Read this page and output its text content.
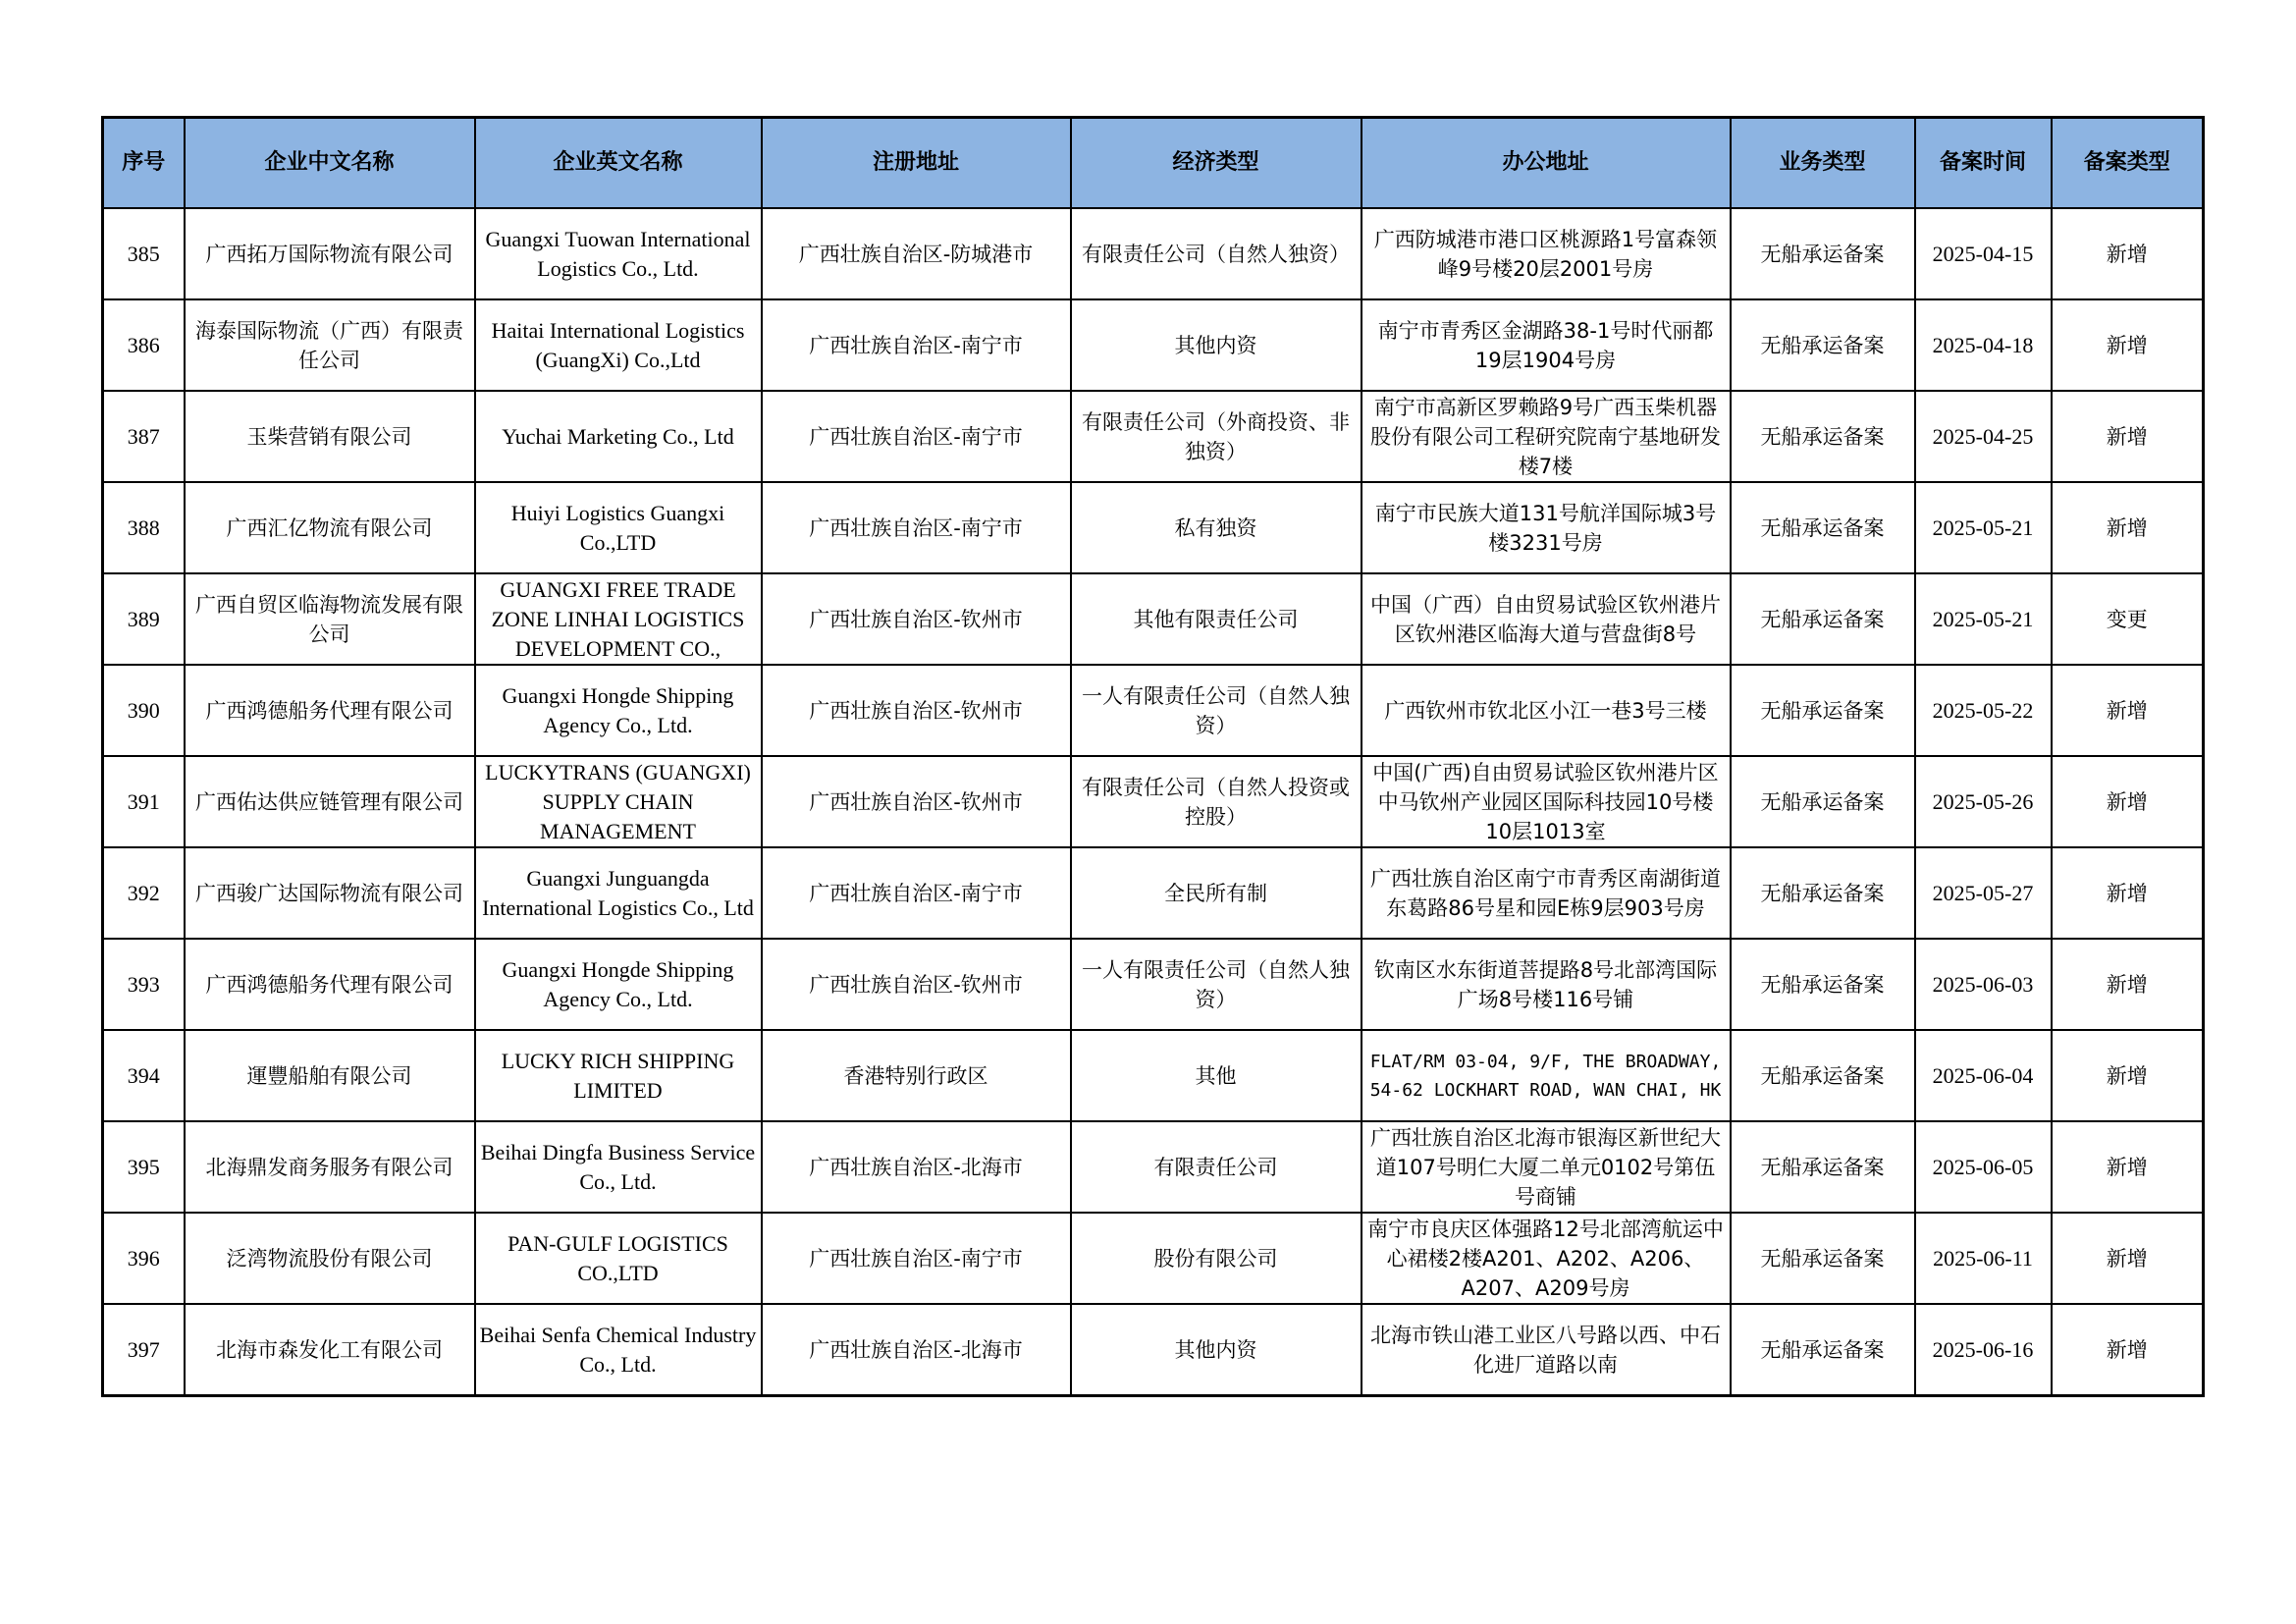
序号	企业中文名称	企业英文名称	注册地址	经济类型	办公地址	业务类型	备案时间	备案类型

385	广西拓万国际物流有限公司	Guangxi Tuowan International Logistics Co., Ltd.	广西壮族自治区-防城港市	有限责任公司（自然人独资）	广西防城港市港口区桃源路1号富森领峰9号楼20层2001号房	无船承运备案	2025-04-15	新增

386	海泰国际物流（广西）有限责任公司	Haitai International Logistics (GuangXi) Co.,Ltd	广西壮族自治区-南宁市	其他内资	南宁市青秀区金湖路38-1号时代丽都19层1904号房	无船承运备案	2025-04-18	新增

387	玉柴营销有限公司	Yuchai Marketing Co., Ltd	广西壮族自治区-南宁市	有限责任公司（外商投资、非独资）	南宁市高新区罗赖路9号广西玉柴机器股份有限公司工程研究院南宁基地研发楼7楼	无船承运备案	2025-04-25	新增

388	广西汇亿物流有限公司	Huiyi Logistics Guangxi Co.,LTD	广西壮族自治区-南宁市	私有独资	南宁市民族大道131号航洋国际城3号楼3231号房	无船承运备案	2025-05-21	新增

389	广西自贸区临海物流发展有限公司	GUANGXI FREE TRADE ZONE LINHAI LOGISTICS DEVELOPMENT CO.,	广西壮族自治区-钦州市	其他有限责任公司	中国（广西）自由贸易试验区钦州港片区钦州港区临海大道与营盘街8号	无船承运备案	2025-05-21	变更

390	广西鸿德船务代理有限公司	Guangxi Hongde Shipping Agency Co., Ltd.	广西壮族自治区-钦州市	一人有限责任公司（自然人独资）	广西钦州市钦北区小江一巷3号三楼	无船承运备案	2025-05-22	新增

391	广西佑达供应链管理有限公司	LUCKYTRANS (GUANGXI) SUPPLY CHAIN MANAGEMENT	广西壮族自治区-钦州市	有限责任公司（自然人投资或控股）	中国(广西)自由贸易试验区钦州港片区中马钦州产业园区国际科技园10号楼10层1013室	无船承运备案	2025-05-26	新增

392	广西骏广达国际物流有限公司	Guangxi Junguangda International Logistics Co., Ltd	广西壮族自治区-南宁市	全民所有制	广西壮族自治区南宁市青秀区南湖街道东葛路86号星和园E栋9层903号房	无船承运备案	2025-05-27	新增

393	广西鸿德船务代理有限公司	Guangxi Hongde Shipping Agency Co., Ltd.	广西壮族自治区-钦州市	一人有限责任公司（自然人独资）	钦南区水东街道菩提路8号北部湾国际广场8号楼116号铺	无船承运备案	2025-06-03	新增

394	運豐船舶有限公司	LUCKY RICH SHIPPING LIMITED	香港特别行政区	其他	FLAT/RM 03-04, 9/F, THE BROADWAY, 54-62 LOCKHART ROAD, WAN CHAI, HK	无船承运备案	2025-06-04	新增

395	北海鼎发商务服务有限公司	Beihai Dingfa Business Service Co., Ltd.	广西壮族自治区-北海市	有限责任公司	广西壮族自治区北海市银海区新世纪大道107号明仁大厦二单元0102号第伍号商铺	无船承运备案	2025-06-05	新增

396	泛湾物流股份有限公司	PAN-GULF LOGISTICS CO.,LTD	广西壮族自治区-南宁市	股份有限公司	南宁市良庆区体强路12号北部湾航运中心裙楼2楼A201、A202、A206、A207、A209号房	无船承运备案	2025-06-11	新增

397	北海市森发化工有限公司	Beihai Senfa Chemical Industry Co., Ltd.	广西壮族自治区-北海市	其他内资	北海市铁山港工业区八号路以西、中石化进厂道路以南	无船承运备案	2025-06-16	新增
